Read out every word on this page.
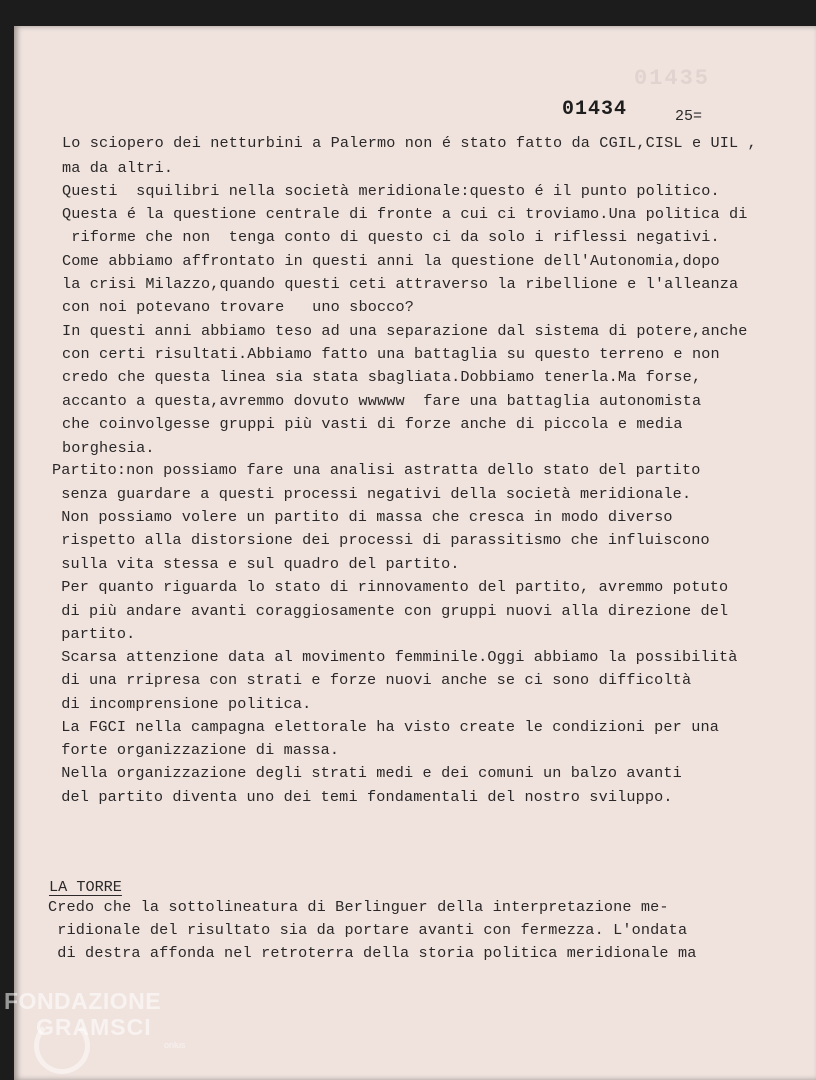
01435
01434	25=
Lo sciopero dei netturbini a Palermo non é stato fatto da CGIL,CISL e UIL ,
ma da altri.
Questi  squilibri nella società meridionale:questo é il punto politico.
Questa é la questione centrale di fronte a cui ci troviamo.Una politica di
riforme che non  tenga conto di questo ci da solo i riflessi negativi.
Come abbiamo affrontato in questi anni la questione dell'Autonomia,dopo
la crisi Milazzo,quando questi ceti attraverso la ribellione e l'alleanza
con noi potevano trovare   uno sbocco?
In questi anni abbiamo teso ad una separazione dal sistema di potere,anche
con certi risultati.Abbiamo fatto una battaglia su questo terreno e non
credo che questa linea sia stata sbagliata.Dobbiamo tenerla.Ma forse,
accanto a questa,avremmo dovuto wwwww  fare una battaglia autonomista
che coinvolgesse gruppi più vasti di forze anche di piccola e media
borghesia.
Partito:non possiamo fare una analisi astratta dello stato del partito
senza guardare a questi processi negativi della società meridionale.
Non possiamo volere un partito di massa che cresca in modo diverso
rispetto alla distorsione dei processi di parassitismo che influiscono
sulla vita stessa e sul quadro del partito.
Per quanto riguarda lo stato di rinnovamento del partito, avremmo potuto
di più andare avanti coraggiosamente con gruppi nuovi alla direzione del
partito.
Scarsa attenzione data al movimento femminile.Oggi abbiamo la possibilità
di una rripresa con strati e forze nuovi anche se ci sono difficoltà
di incomprensione politica.
La FGCI nella campagna elettorale ha visto create le condizioni per una
forte organizzazione di massa.
Nella organizzazione degli strati medi e dei comuni un balzo avanti
del partito diventa uno dei temi fondamentali del nostro sviluppo.
LA TORRE
Credo che la sottolineatura di Berlinguer della interpretazione me-
ridionale del risultato sia da portare avanti con fermezza. L'ondata
di destra affonda nel retroterra della storia politica meridionale ma
FONDAZIONE
GRAMSCI
onlus
